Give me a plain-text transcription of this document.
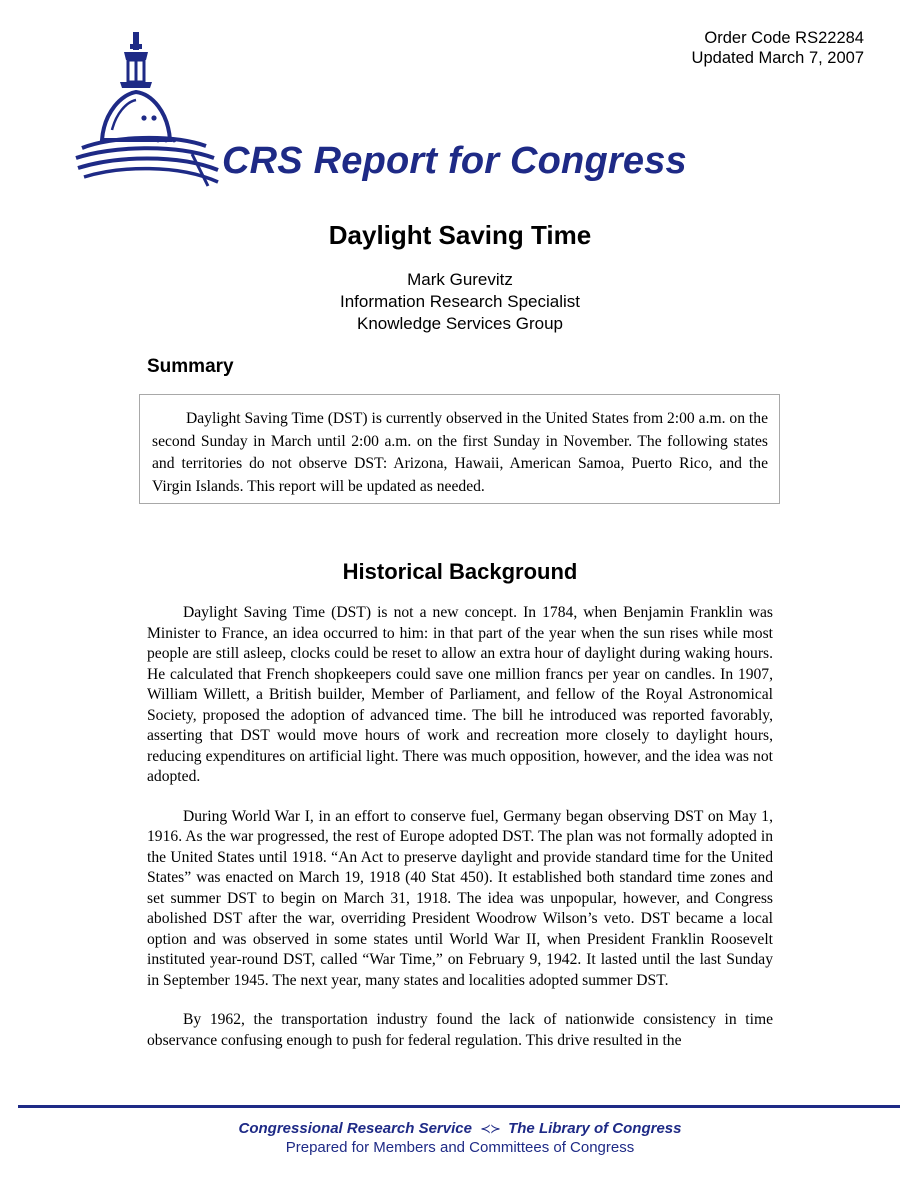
Order Code RS22284
Updated March 7, 2007
CRS Report for Congress
Daylight Saving Time
Mark Gurevitz
Information Research Specialist
Knowledge Services Group
Summary

Daylight Saving Time (DST) is currently observed in the United States from 2:00 a.m. on the second Sunday in March until 2:00 a.m. on the first Sunday in November. The following states and territories do not observe DST: Arizona, Hawaii, American Samoa, Puerto Rico, and the Virgin Islands. This report will be updated as needed.

Historical Background

Daylight Saving Time (DST) is not a new concept. In 1784, when Benjamin Franklin was Minister to France, an idea occurred to him: in that part of the year when the sun rises while most people are still asleep, clocks could be reset to allow an extra hour of daylight during waking hours. He calculated that French shopkeepers could save one million francs per year on candles. In 1907, William Willett, a British builder, Member of Parliament, and fellow of the Royal Astronomical Society, proposed the adoption of advanced time. The bill he introduced was reported favorably, asserting that DST would move hours of work and recreation more closely to daylight hours, reducing expenditures on artificial light. There was much opposition, however, and the idea was not adopted.

During World War I, in an effort to conserve fuel, Germany began observing DST on May 1, 1916. As the war progressed, the rest of Europe adopted DST. The plan was not formally adopted in the United States until 1918. “An Act to preserve daylight and provide standard time for the United States” was enacted on March 19, 1918 (40 Stat 450). It established both standard time zones and set summer DST to begin on March 31, 1918. The idea was unpopular, however, and Congress abolished DST after the war, overriding President Woodrow Wilson’s veto. DST became a local option and was observed in some states until World War II, when President Franklin Roosevelt instituted year-round DST, called “War Time,” on February 9, 1942. It lasted until the last Sunday in September 1945. The next year, many states and localities adopted summer DST.

By 1962, the transportation industry found the lack of nationwide consistency in time observance confusing enough to push for federal regulation. This drive resulted in the

Congressional Research Service ≺≻ The Library of Congress
Prepared for Members and Committees of Congress
